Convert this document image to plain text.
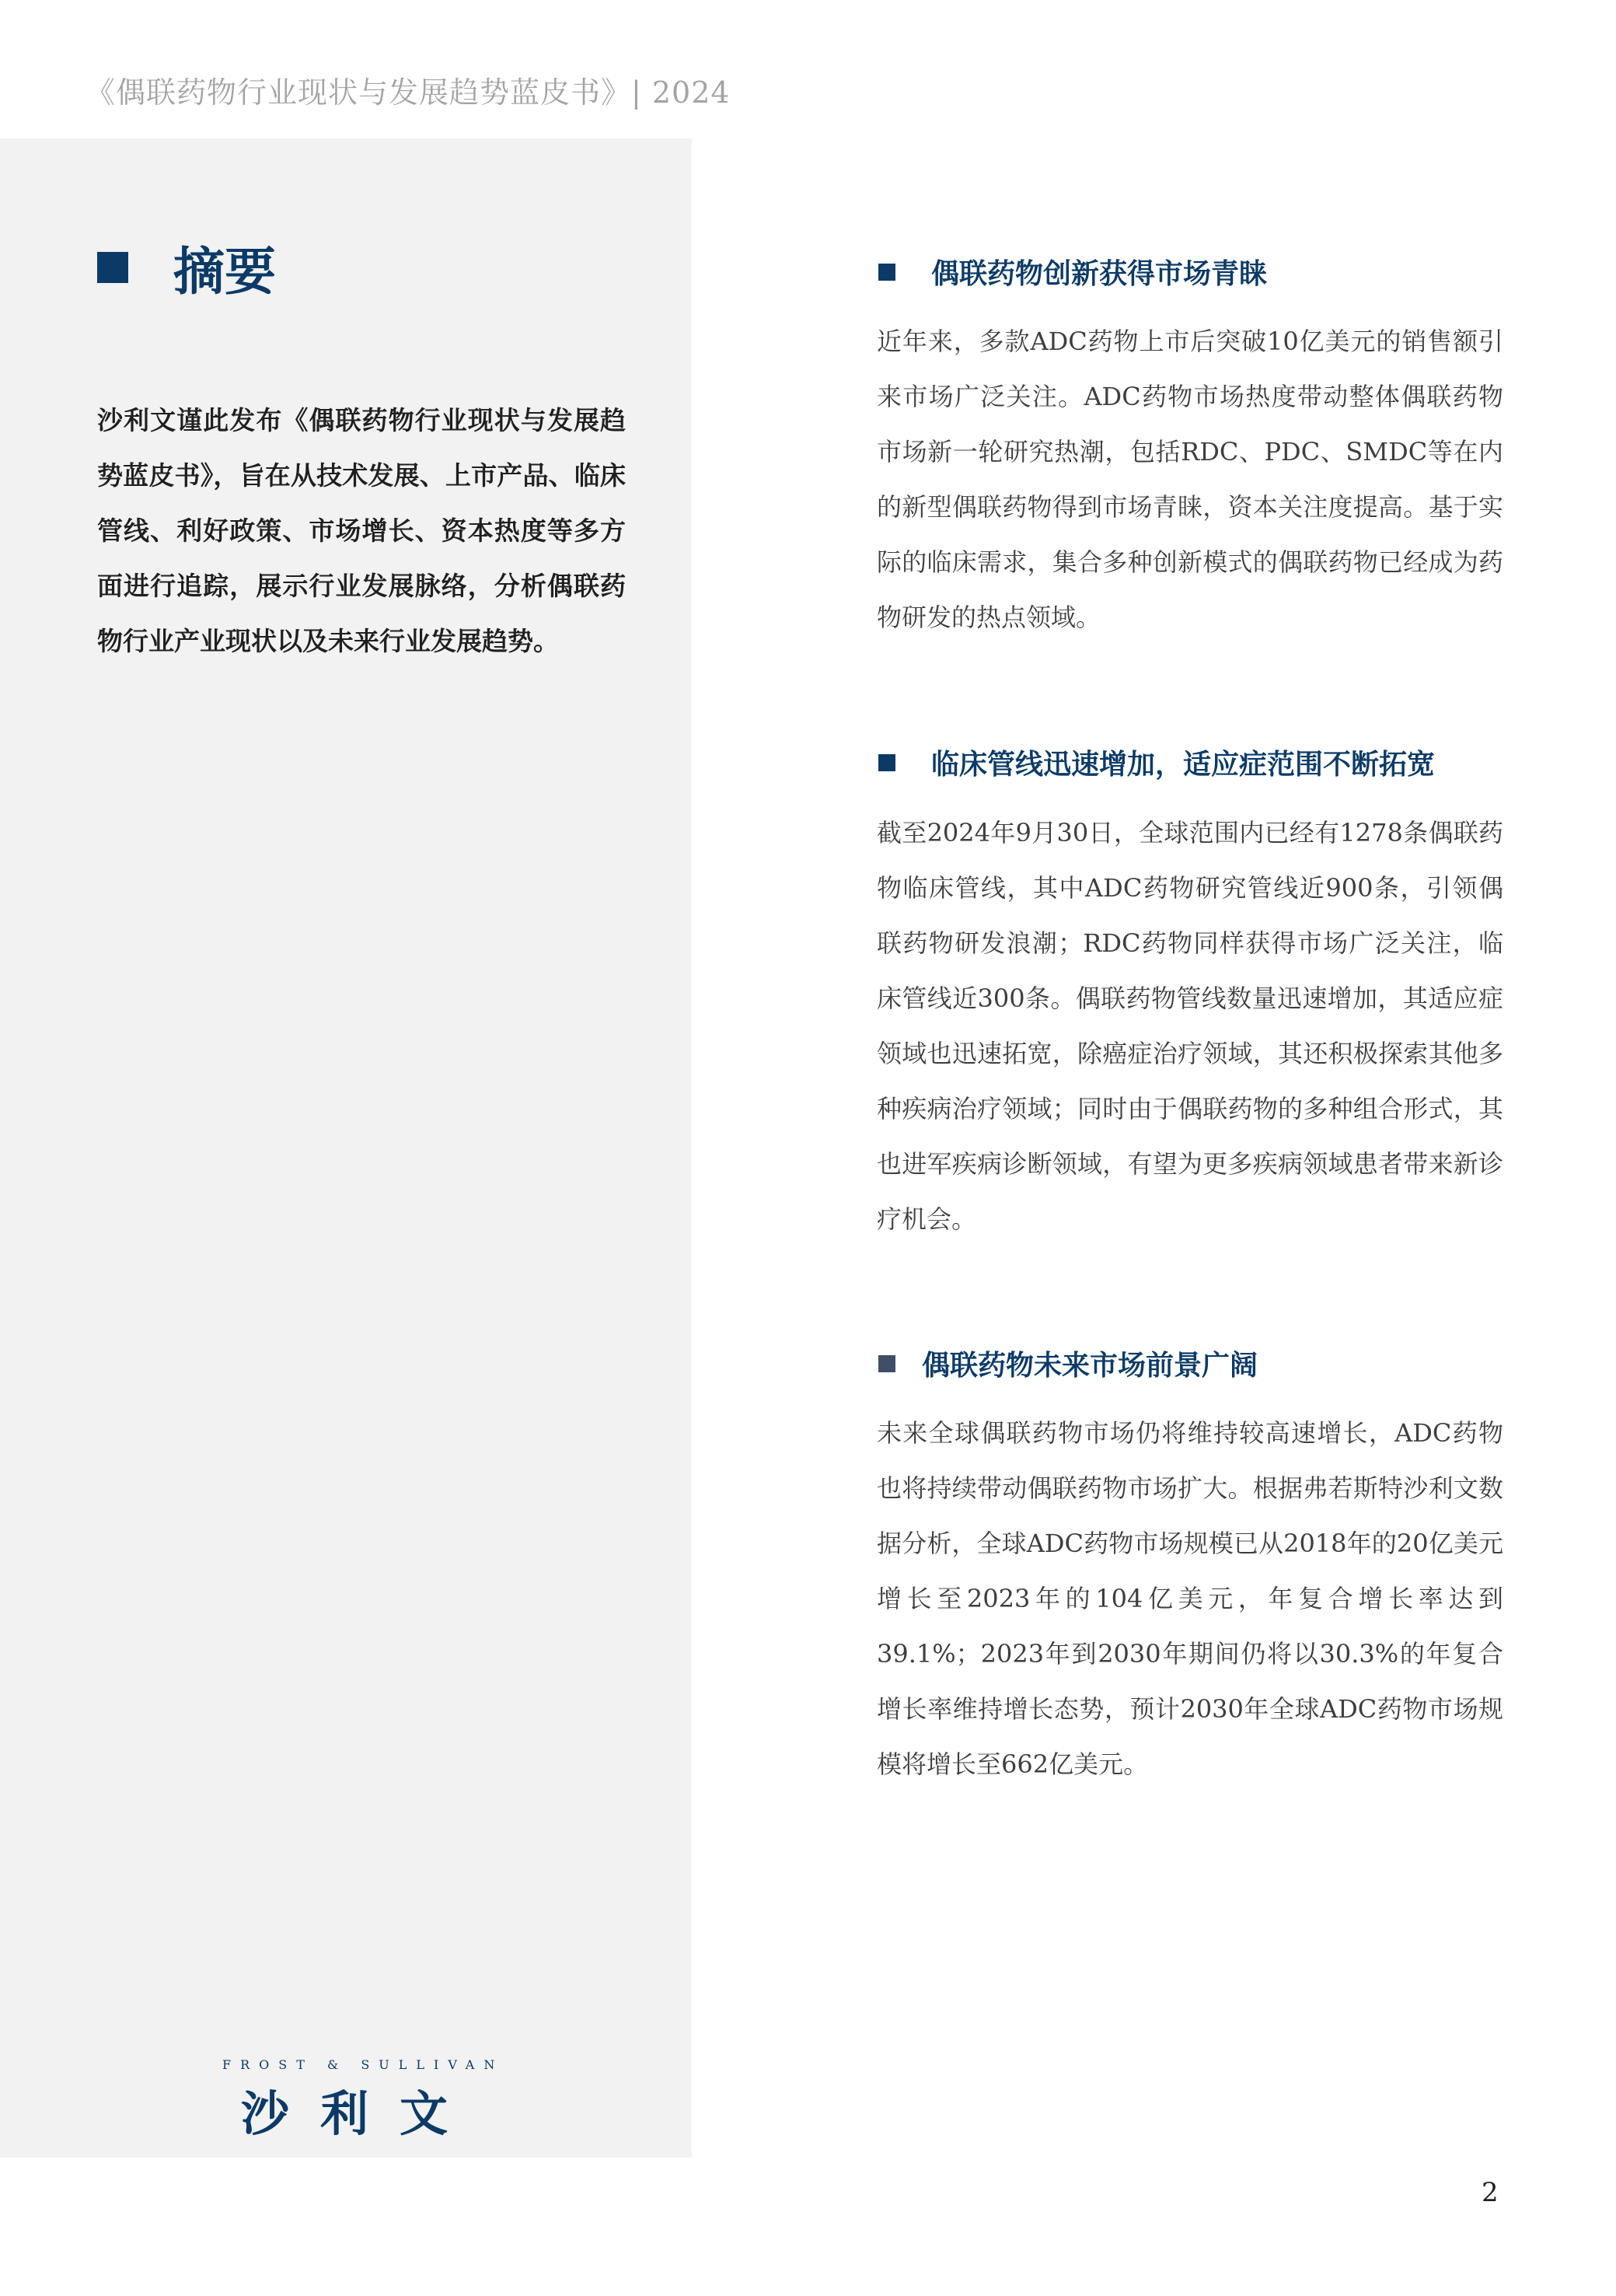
《偶联药物行业现状与发展趋势蓝皮书》| 2024
摘要
沙利文谨此发布《偶联药物行业现状与发展趋势蓝皮书》，旨在从技术发展、上市产品、临床管线、利好政策、市场增长、资本热度等多方面进行追踪，展示行业发展脉络，分析偶联药物行业产业现状以及未来行业发展趋势。
FROST & SULLIVAN
沙利文
偶联药物创新获得市场青睐
近年来，多款ADC药物上市后突破10亿美元的销售额引来市场广泛关注。ADC药物市场热度带动整体偶联药物市场新一轮研究热潮，包括RDC、PDC、SMDC等在内的新型偶联药物得到市场青睐，资本关注度提高。基于实际的临床需求，集合多种创新模式的偶联药物已经成为药物研发的热点领域。
临床管线迅速增加，适应症范围不断拓宽
截至2024年9月30日，全球范围内已经有1278条偶联药物临床管线，其中ADC药物研究管线近900条，引领偶联药物研发浪潮；RDC药物同样获得市场广泛关注，临床管线近300条。偶联药物管线数量迅速增加，其适应症领域也迅速拓宽，除癌症治疗领域，其还积极探索其他多种疾病治疗领域；同时由于偶联药物的多种组合形式，其也进军疾病诊断领域，有望为更多疾病领域患者带来新诊疗机会。
偶联药物未来市场前景广阔
未来全球偶联药物市场仍将维持较高速增长，ADC药物也将持续带动偶联药物市场扩大。根据弗若斯特沙利文数据分析，全球ADC药物市场规模已从2018年的20亿美元增长至2023年的104亿美元，年复合增长率达到39.1%；2023年到2030年期间仍将以30.3%的年复合增长率维持增长态势，预计2030年全球ADC药物市场规模将增长至662亿美元。
2
